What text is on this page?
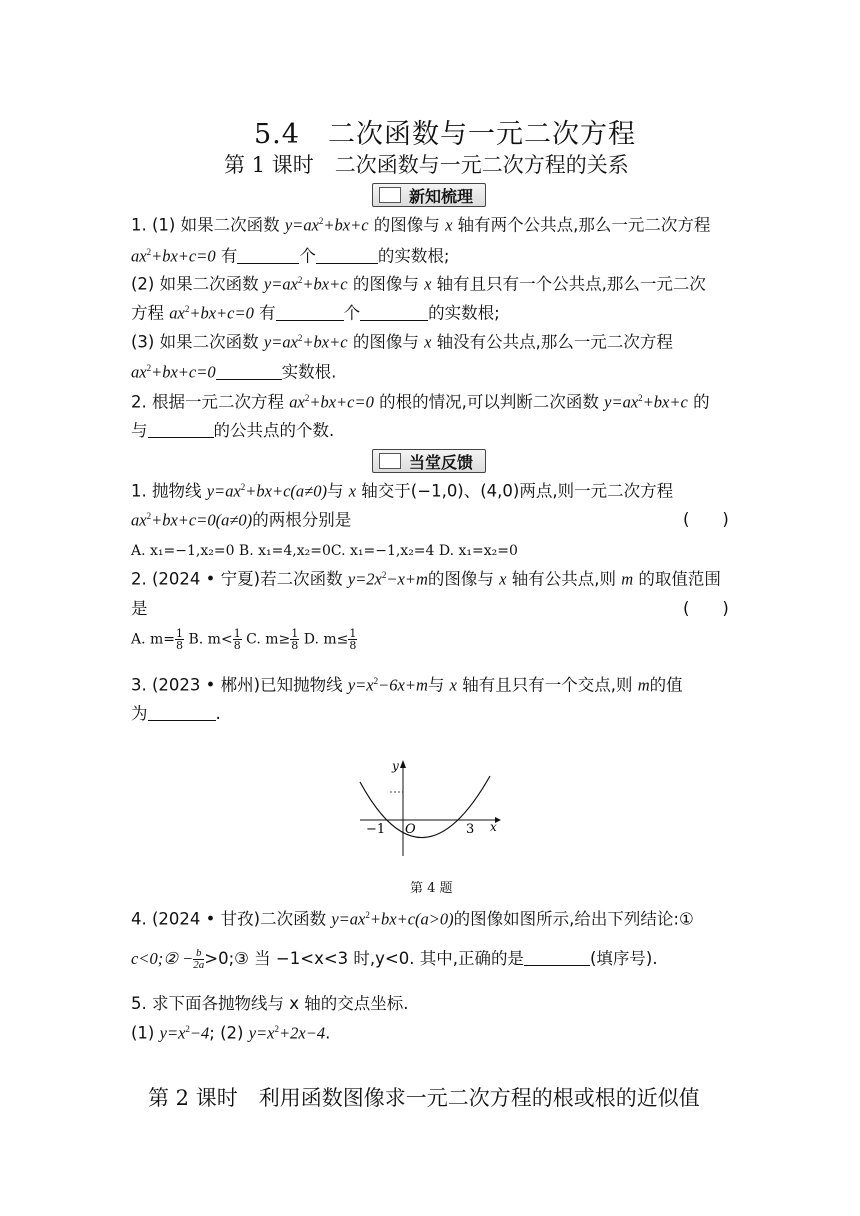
5.4　二次函数与一元二次方程
第 1 课时　二次函数与一元二次方程的关系
新知梳理
1. (1) 如果二次函数 $y=ax^2+bx+c$ 的图像与 x 轴有两个公共点,那么一元二次方程
$ax^2+bx+c=0$ 有	个	的实数根;
(2) 如果二次函数 $y=ax^2+bx+c$ 的图像与 x 轴有且只有一个公共点,那么一元二次
方程 $ax^2+bx+c=0$ 有	个	的实数根;
(3) 如果二次函数 $y=ax^2+bx+c$ 的图像与 x 轴没有公共点,那么一元二次方程
$ax^2+bx+c=0$	实数根.
2. 根据一元二次方程 $ax^2+bx+c=0$ 的根的情况,可以判断二次函数 $y=ax^2+bx+c$ 的
与	的公共点的个数.
当堂反馈
1. 抛物线 $y=ax^2+bx+c(a\ne 0)$与 x 轴交于(−1,0)、(4,0)两点,则一元二次方程
$ax^2+bx+c=0(a\ne 0)$的两根分别是	(　　)
A. x₁=−1,x₂=0 B. x₁=4,x₂=0C. x₁=−1,x₂=4 D. x₁=x₂=0
2. (2024 • 宁夏)若二次函数 $y=2x^2-x+m$的图像与 x 轴有公共点,则 m 的取值范围
是	(　　)
A. $m= \frac{1}{8} B$. $m< \frac{1}{8} C$. $m\ge \frac{1}{8} D$. $m\le \frac{1}{8}$
3. (2023 • 郴州)已知抛物线 $y=x^2-6x+m$与 x 轴有且只有一个交点,则 m的值
为	.
y
x
O
−1	3
第 4 题
4. (2024 • 甘孜)二次函数 $y=ax^2+bx+c(a>0)$的图像如图所示,给出下列结论:①
c<0;② − $\frac{b}{2a}$ >0;③ 当 −1<x<3 时,y<0. 其中,正确的是	(填序号).
5. 求下面各抛物线与 x 轴的交点坐标.
(1) $y=x^2-4$; (2) $y=x^2+2x-4$.
第 2 课时　利用函数图像求一元二次方程的根或根的近似值
